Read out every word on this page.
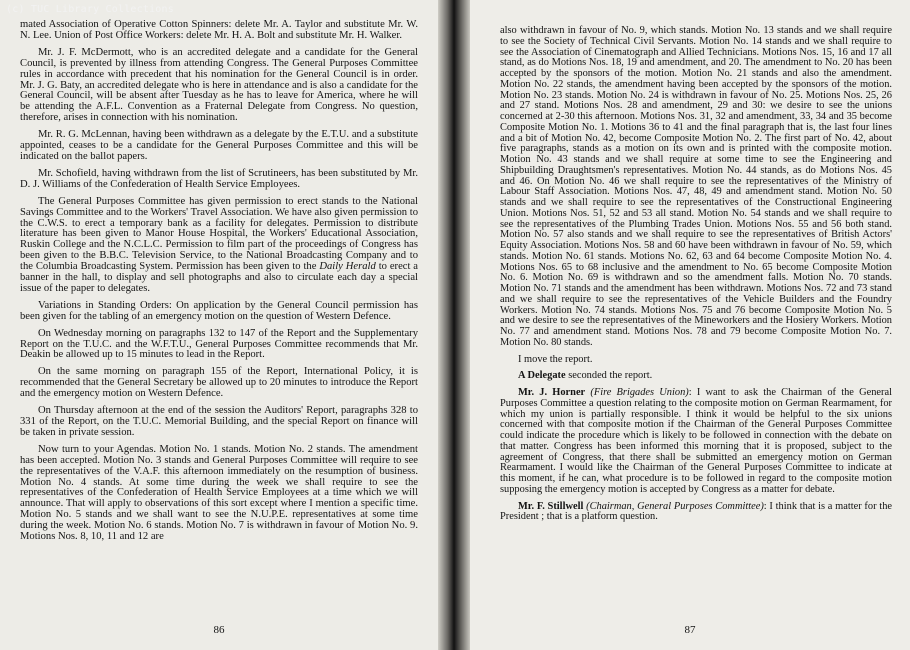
(c) TUC Library Collections

mated Association of Operative Cotton Spinners: delete Mr. A. Taylor and substitute Mr. W. N. Lee. Union of Post Office Workers: delete Mr. H. A. Bolt and substitute Mr. H. Walker.

Mr. J. F. McDermott, who is an accredited delegate and a candidate for the General Council, is prevented by illness from attending Congress. The General Purposes Committee rules in accordance with precedent that his nomination for the General Council is in order. Mr. J. G. Baty, an accredited delegate who is here in attendance and is also a candidate for the General Council, will be absent after Tuesday as he has to leave for America, where he will be attending the A.F.L. Convention as a Fraternal Delegate from Congress. No question, therefore, arises in connection with his nomination.

Mr. R. G. McLennan, having been withdrawn as a delegate by the E.T.U. and a substitute appointed, ceases to be a candidate for the General Purposes Committee and this will be indicated on the ballot papers.

Mr. Schofield, having withdrawn from the list of Scrutineers, has been substituted by Mr. D. J. Williams of the Confederation of Health Service Employees.

The General Purposes Committee has given permission to erect stands to the National Savings Committee and to the Workers' Travel Association. We have also given permission to the C.W.S. to erect a temporary bank as a facility for delegates. Permission to distribute literature has been given to Manor House Hospital, the Workers' Educational Association, Ruskin College and the N.C.L.C. Permission to film part of the proceedings of Congress has been given to the B.B.C. Television Service, to the National Broadcasting Company and to the Columbia Broadcasting System. Permission has been given to the Daily Herald to erect a banner in the hall, to display and sell photographs and also to circulate each day a special issue of the paper to delegates.

Variations in Standing Orders: On application by the General Council permission has been given for the tabling of an emergency motion on the question of Western Defence.

On Wednesday morning on paragraphs 132 to 147 of the Report and the Supplementary Report on the T.U.C. and the W.F.T.U., General Purposes Committee recommends that Mr. Deakin be allowed up to 15 minutes to lead in the Report.

On the same morning on paragraph 155 of the Report, International Policy, it is recommended that the General Secretary be allowed up to 20 minutes to introduce the Report and the emergency motion on Western Defence.

On Thursday afternoon at the end of the session the Auditors' Report, paragraphs 328 to 331 of the Report, on the T.U.C. Memorial Building, and the special Report on finance will be taken in private session.

Now turn to your Agendas. Motion No. 1 stands. Motion No. 2 stands. The amendment has been accepted. Motion No. 3 stands and General Purposes Committee will require to see the representatives of the V.A.F. this afternoon immediately on the resumption of business. Motion No. 4 stands. At some time during the week we shall require to see the representatives of the Confederation of Health Service Employees at a time which we will announce. That will apply to observations of this sort except where I mention a specific time. Motion No. 5 stands and we shall want to see the N.U.P.E. representatives at some time during the week. Motion No. 6 stands. Motion No. 7 is withdrawn in favour of Motion No. 9. Motions Nos. 8, 10, 11 and 12 are

86

also withdrawn in favour of No. 9, which stands. Motion No. 13 stands and we shall require to see the Society of Technical Civil Servants. Motion No. 14 stands and we shall require to see the Association of Cinematograph and Allied Technicians. Motions Nos. 15, 16 and 17 all stand, as do Motions Nos. 18, 19 and amendment, and 20. The amendment to No. 20 has been accepted by the sponsors of the motion. Motion No. 21 stands and also the amendment. Motion No. 22 stands, the amendment having been accepted by the sponsors of the motion. Motion No. 23 stands. Motion No. 24 is withdrawn in favour of No. 25. Motions Nos. 25, 26 and 27 stand. Motions Nos. 28 and amendment, 29 and 30: we desire to see the unions concerned at 2-30 this afternoon. Motions Nos. 31, 32 and amendment, 33, 34 and 35 become Composite Motion No. 1. Motions 36 to 41 and the final paragraph that is, the last four lines and a bit of Motion No. 42, become Composite Motion No. 2. The first part of No. 42, about five paragraphs, stands as a motion on its own and is printed with the composite motion. Motion No. 43 stands and we shall require at some time to see the Engineering and Shipbuilding Draughtsmen's representatives. Motion No. 44 stands, as do Motions Nos. 45 and 46. On Motion No. 46 we shall require to see the representatives of the Ministry of Labour Staff Association. Motions Nos. 47, 48, 49 and amendment stand. Motion No. 50 stands and we shall require to see the representatives of the Constructional Engineering Union. Motions Nos. 51, 52 and 53 all stand. Motion No. 54 stands and we shall require to see the representatives of the Plumbing Trades Union. Motions Nos. 55 and 56 both stand. Motion No. 57 also stands and we shall require to see the representatives of British Actors' Equity Association. Motions Nos. 58 and 60 have been withdrawn in favour of No. 59, which stands. Motion No. 61 stands. Motions No. 62, 63 and 64 become Composite Motion No. 4. Motions Nos. 65 to 68 inclusive and the amendment to No. 65 become Composite Motion No. 6. Motion No. 69 is withdrawn and so the amendment falls. Motion No. 70 stands. Motion No. 71 stands and the amendment has been withdrawn. Motions Nos. 72 and 73 stand and we shall require to see the representatives of the Vehicle Builders and the Foundry Workers. Motion No. 74 stands. Motions Nos. 75 and 76 become Composite Motion No. 5 and we desire to see the representatives of the Mineworkers and the Hosiery Workers. Motion No. 77 and amendment stand. Motions Nos. 78 and 79 become Composite Motion No. 7. Motion No. 80 stands.

I move the report.

A Delegate seconded the report.

Mr. J. Horner (Fire Brigades Union): I want to ask the Chairman of the General Purposes Committee a question relating to the composite motion on German Rearmament, for which my union is partially responsible. I think it would be helpful to the six unions concerned with that composite motion if the Chairman of the General Purposes Committee could indicate the procedure which is likely to be followed in connection with the debate on that matter. Congress has been informed this morning that it is proposed, subject to the agreement of Congress, that there shall be submitted an emergency motion on German Rearmament. I would like the Chairman of the General Purposes Committee to indicate at this moment, if he can, what procedure is to be followed in regard to the composite motion supposing the emergency motion is accepted by Congress as a matter for debate.

Mr. F. Stillwell (Chairman, General Purposes Committee): I think that is a matter for the President ; that is a platform question.

87
